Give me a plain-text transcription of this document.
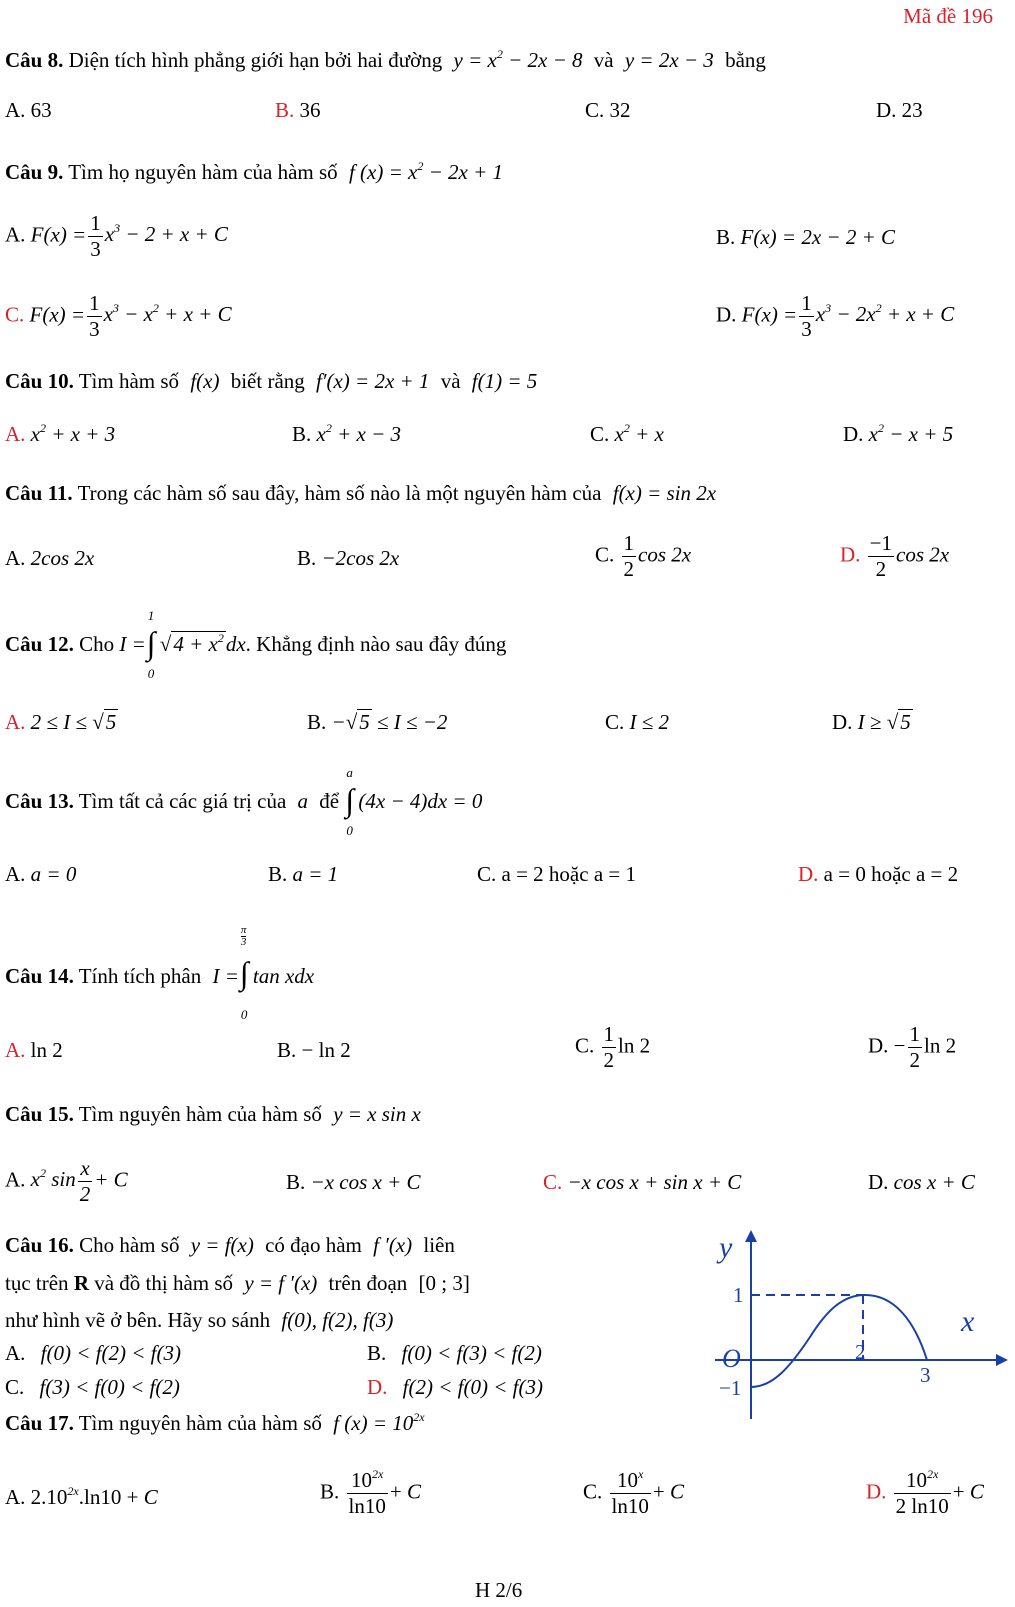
Mã đề 196
Câu 8. Diện tích hình phẳng giới hạn bởi hai đường $y = x^2 - 2x - 8$ và y = 2x − 3 bằng
A. 63	B. 36	C. 32	D. 23
Câu 9. Tìm họ nguyên hàm của hàm số f $(x) = x^2 - 2x + 1$
A. $F(x) = \frac{1}{3} x^3 - 2 + x + C$	B. F(x) = 2x − 2 + C
C. $F(x) = \frac{1}{3} x^3 - x^2 + x + C$	D. $F(x) = \frac{1}{3} x^3 - 2x^2 + x + C$
Câu 10. Tìm hàm số f(x) biết rằng f′(x) = 2x + 1 và f(1) = 5
A. $x^2 + x + 3$	B. $x^2 + x - 3$	C. $x^2 + x$	D. $x^2 - x + 5$
Câu 11. Trong các hàm số sau đây, hàm số nào là một nguyên hàm của f(x) = sin 2x
A. 2cos 2x	B. −2cos 2x	C. $\frac{1}{2}$ cos 2x	D. $\frac{-1}{2}$ cos 2x
Câu 12. Cho I =
1
∫
0
$√4 + x^2dx$. Khẳng định nào sau đây đúng
A. 2 ≤ I ≤ √5	B. −√5 ≤ I ≤ −2	C. I ≤ 2	D. I ≥ √5
Câu 13. Tìm tất cả các giá trị của a để
a
∫
0
(4x − 4)dx = 0
A. a = 0	B. a = 1	C. a = 2 hoặc a = 1	D. a = 0 hoặc a = 2
Câu 14. Tính tích phân I =
π
3
∫
0
tan xdx
A. ln 2	B. − ln 2	C. $\frac{1}{2}$ ln 2	D. − $\frac{1}{2}$ ln 2
Câu 15. Tìm nguyên hàm của hàm số y = x sin x
A. $x^2$ $\sin \frac{x}{2} + C$	B. −x cos x + C	C. −x cos x + sin x + C	D. cos x + C
Câu 16. Cho hàm số y = f(x) có đạo hàm f ′(x) liên
tục trên R và đồ thị hàm số y = f ′(x) trên đoạn [0 ; 3]
như hình vẽ ở bên. Hãy so sánh f(0), f(2), f(3)
A. f(0) < f(2) < f(3)	B. f(0) < f(3) < f(2)
C. f(3) < f(0) < f(2)	D. f(2) < f(0) < f(3)
y
x
O
1
−1
2
3
Câu 17. Tìm nguyên hàm của hàm số f $(x) = 10^{2x}$
A. $2.10^{2x}.\ln 10 + C$	B. $\frac{10^{2x}}{\ln 10} + C$	C. $\frac{10^x}{\ln 10} + C$	D. $\frac{10^{2x}}{2 \ln 10} + C$
H 2/6
